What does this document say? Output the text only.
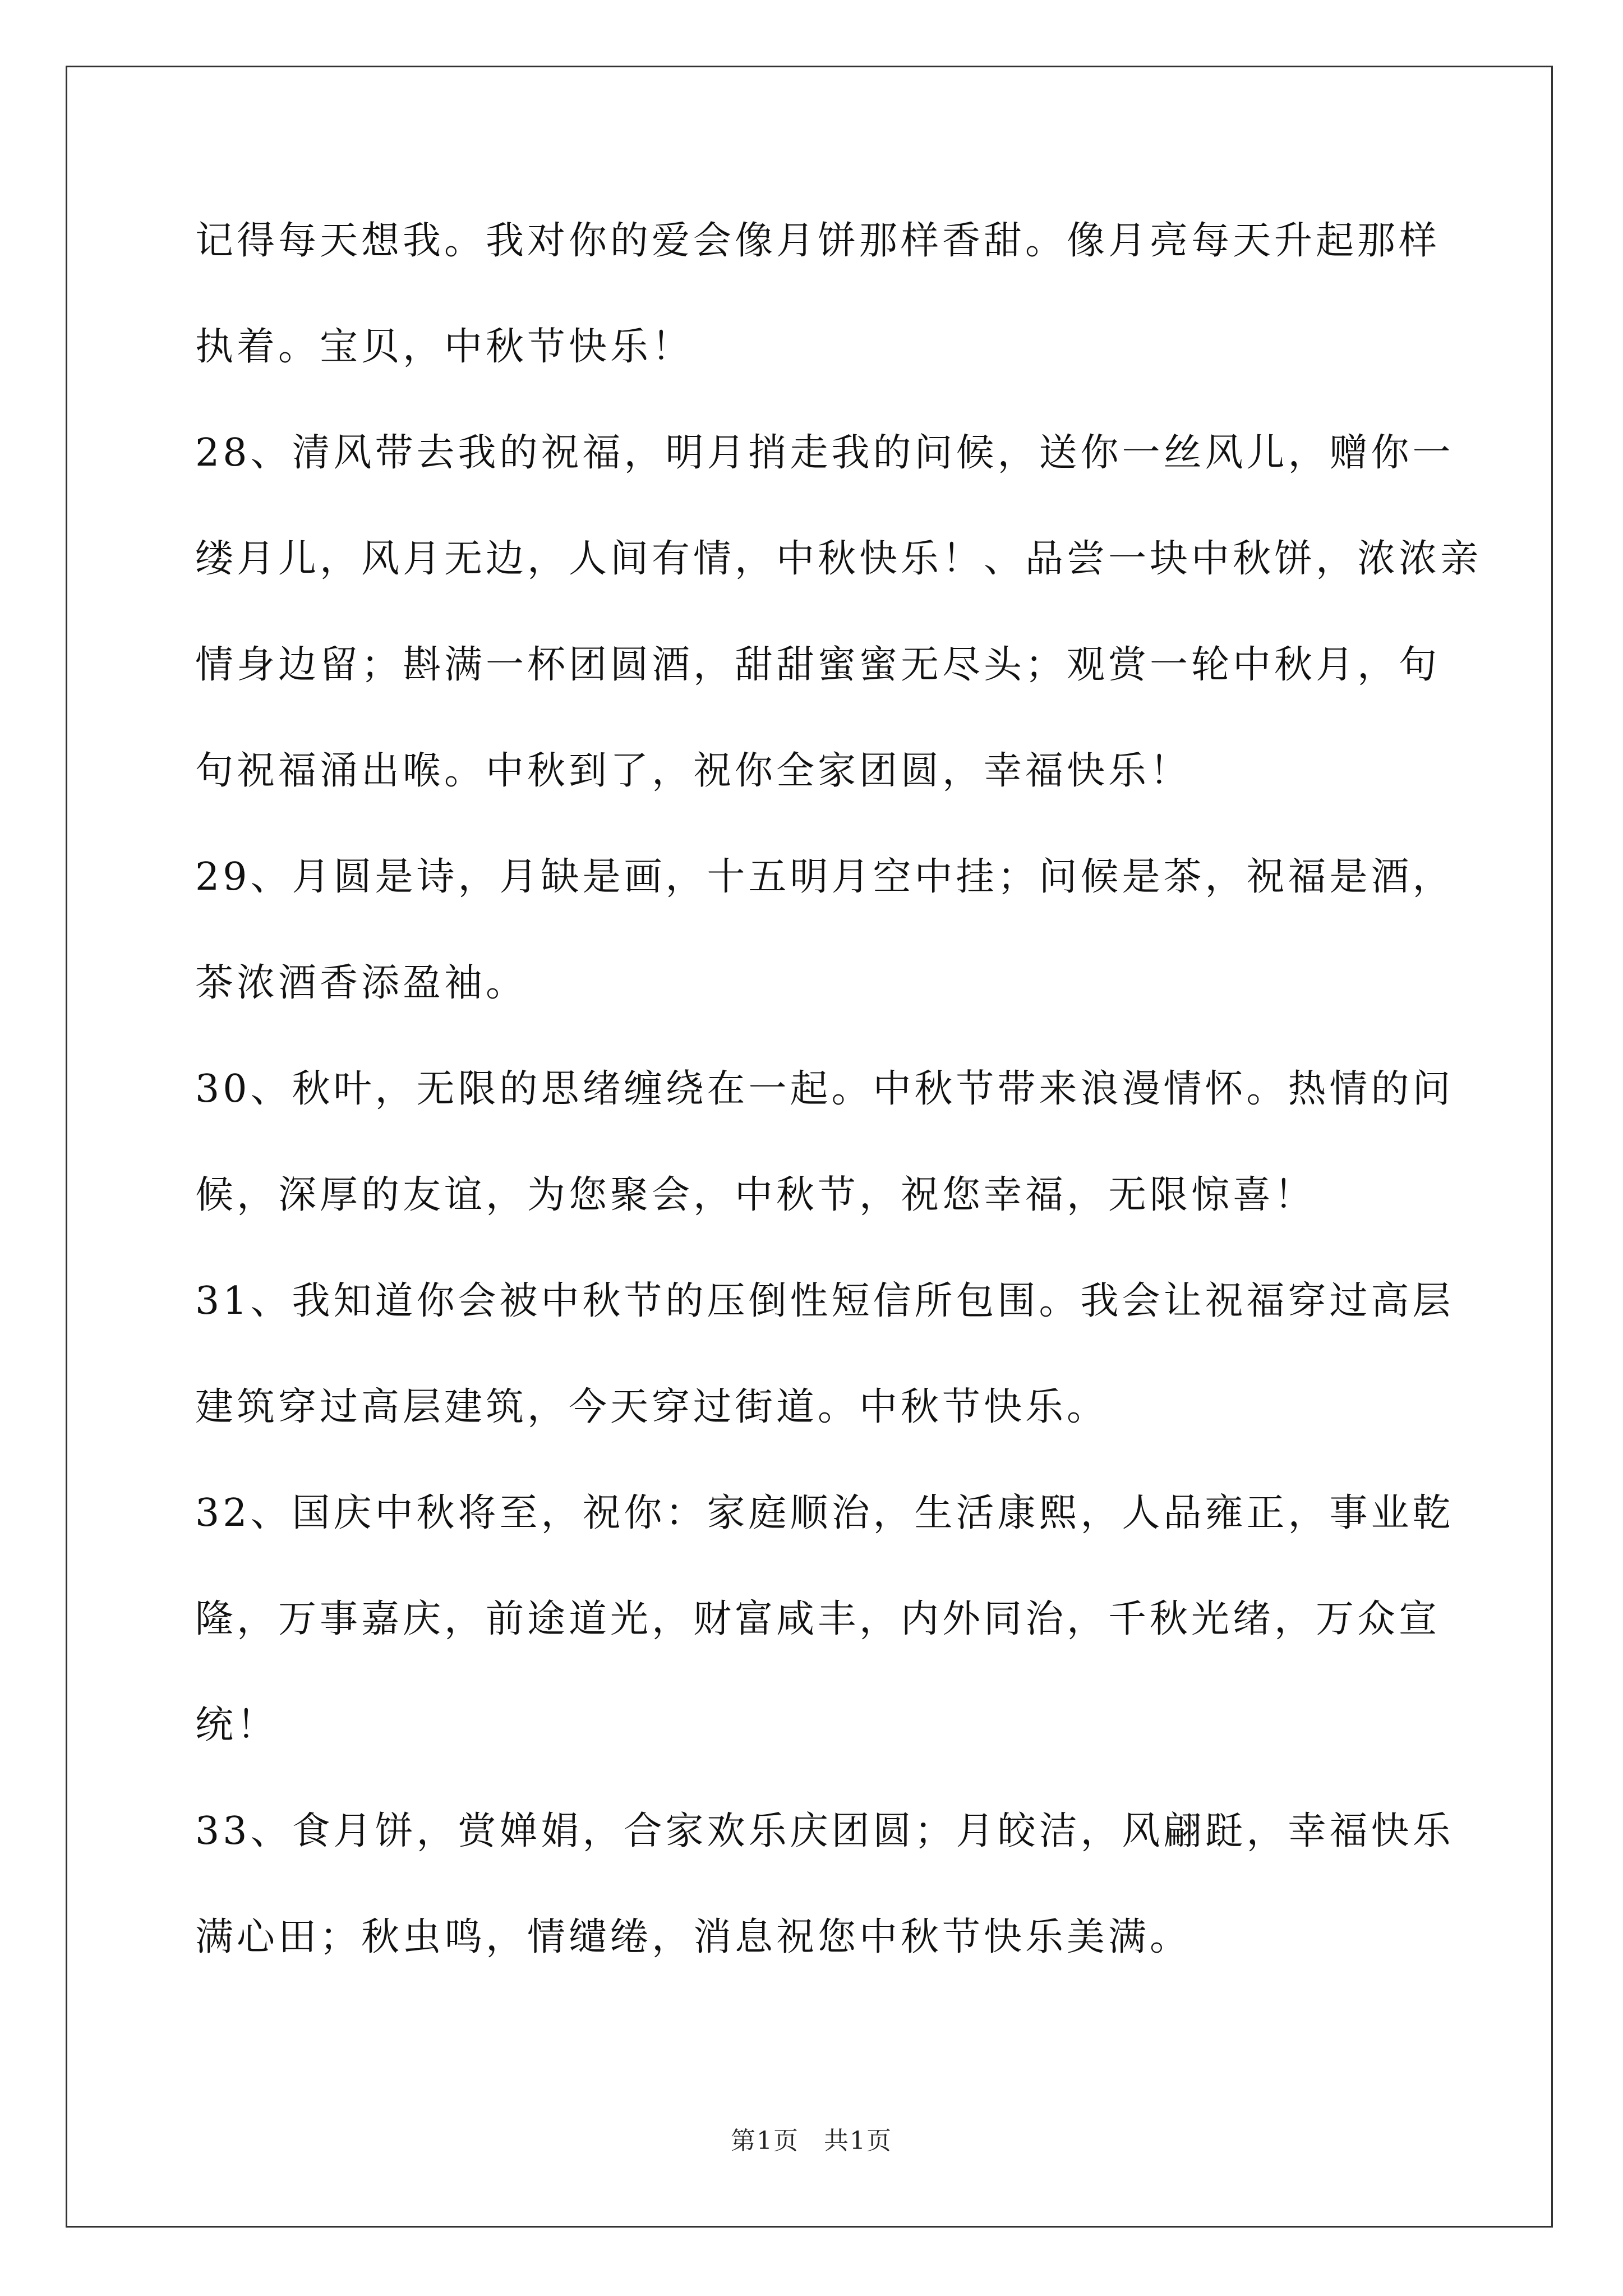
记得每天想我。我对你的爱会像月饼那样香甜。像月亮每天升起那样
执着。宝贝，中秋节快乐！
28、清风带去我的祝福，明月捎走我的问候，送你一丝风儿，赠你一
缕月儿，风月无边，人间有情，中秋快乐！、品尝一块中秋饼，浓浓亲
情身边留；斟满一杯团圆酒，甜甜蜜蜜无尽头；观赏一轮中秋月，句
句祝福涌出喉。中秋到了，祝你全家团圆，幸福快乐！
29、月圆是诗，月缺是画，十五明月空中挂；问候是茶，祝福是酒，
茶浓酒香添盈袖。
30、秋叶，无限的思绪缠绕在一起。中秋节带来浪漫情怀。热情的问
候，深厚的友谊，为您聚会，中秋节，祝您幸福，无限惊喜！
31、我知道你会被中秋节的压倒性短信所包围。我会让祝福穿过高层
建筑穿过高层建筑，今天穿过街道。中秋节快乐。
32、国庆中秋将至，祝你：家庭顺治，生活康熙，人品雍正，事业乾
隆，万事嘉庆，前途道光，财富咸丰，内外同治，千秋光绪，万众宣
统！
33、食月饼，赏婵娟，合家欢乐庆团圆；月皎洁，风翩跹，幸福快乐
满心田；秋虫鸣，情缱绻，消息祝您中秋节快乐美满。
第1页 共1页
